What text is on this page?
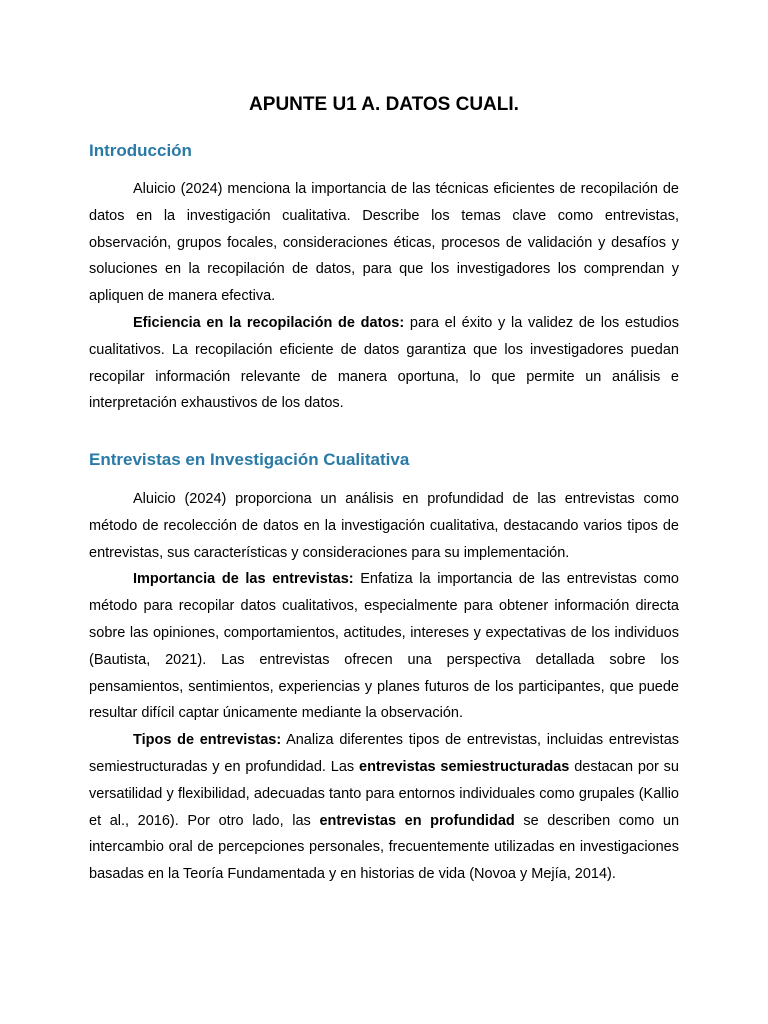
APUNTE U1 A. DATOS CUALI.
Introducción

Aluicio (2024) menciona la importancia de las técnicas eficientes de recopilación de datos en la investigación cualitativa. Describe los temas clave como entrevistas, observación, grupos focales, consideraciones éticas, procesos de validación y desafíos y soluciones en la recopilación de datos, para que los investigadores los comprendan y apliquen de manera efectiva.

Eficiencia en la recopilación de datos: para el éxito y la validez de los estudios cualitativos. La recopilación eficiente de datos garantiza que los investigadores puedan recopilar información relevante de manera oportuna, lo que permite un análisis e interpretación exhaustivos de los datos.

Entrevistas en Investigación Cualitativa

Aluicio (2024) proporciona un análisis en profundidad de las entrevistas como método de recolección de datos en la investigación cualitativa, destacando varios tipos de entrevistas, sus características y consideraciones para su implementación.

Importancia de las entrevistas: Enfatiza la importancia de las entrevistas como método para recopilar datos cualitativos, especialmente para obtener información directa sobre las opiniones, comportamientos, actitudes, intereses y expectativas de los individuos (Bautista, 2021). Las entrevistas ofrecen una perspectiva detallada sobre los pensamientos, sentimientos, experiencias y planes futuros de los participantes, que puede resultar difícil captar únicamente mediante la observación.

Tipos de entrevistas: Analiza diferentes tipos de entrevistas, incluidas entrevistas semiestructuradas y en profundidad. Las entrevistas semiestructuradas destacan por su versatilidad y flexibilidad, adecuadas tanto para entornos individuales como grupales (Kallio et al., 2016). Por otro lado, las entrevistas en profundidad se describen como un intercambio oral de percepciones personales, frecuentemente utilizadas en investigaciones basadas en la Teoría Fundamentada y en historias de vida (Novoa y Mejía, 2014).
